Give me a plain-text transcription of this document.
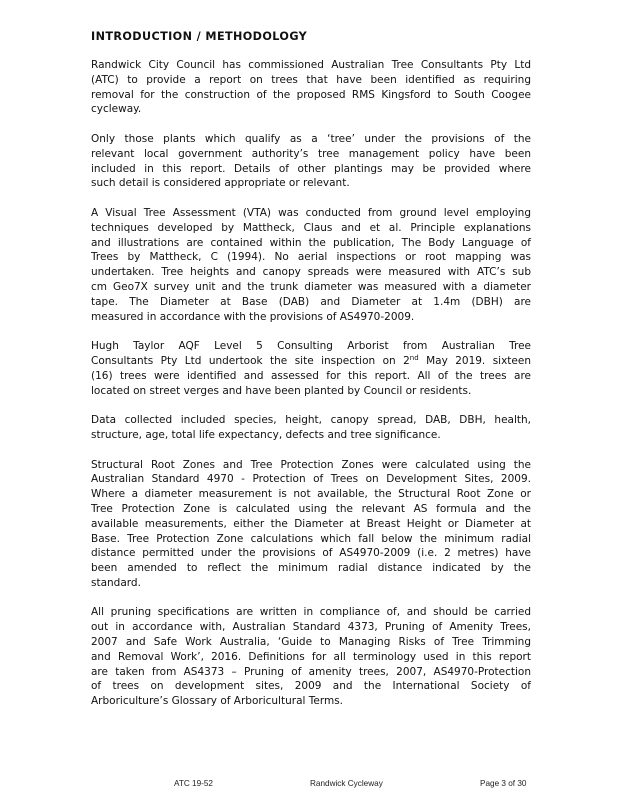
INTRODUCTION / METHODOLOGY

Randwick City Council has commissioned Australian Tree Consultants Pty Ltd
(ATC) to provide a report on trees that have been identified as requiring
removal for the construction of the proposed RMS Kingsford to South Coogee
cycleway.

Only those plants which qualify as a ‘tree’ under the provisions of the
relevant local government authority’s tree management policy have been
included in this report. Details of other plantings may be provided where
such detail is considered appropriate or relevant.

A Visual Tree Assessment (VTA) was conducted from ground level employing
techniques developed by Mattheck, Claus and et al. Principle explanations
and illustrations are contained within the publication, The Body Language of
Trees by Mattheck, C (1994). No aerial inspections or root mapping was
undertaken. Tree heights and canopy spreads were measured with ATC’s sub
cm Geo7X survey unit and the trunk diameter was measured with a diameter
tape. The Diameter at Base (DAB) and Diameter at 1.4m (DBH) are
measured in accordance with the provisions of AS4970-2009.

Hugh Taylor AQF Level 5 Consulting Arborist from Australian Tree
Consultants Pty Ltd undertook the site inspection on 2nd May 2019. sixteen
(16) trees were identified and assessed for this report. All of the trees are
located on street verges and have been planted by Council or residents.

Data collected included species, height, canopy spread, DAB, DBH, health,
structure, age, total life expectancy, defects and tree significance.

Structural Root Zones and Tree Protection Zones were calculated using the
Australian Standard 4970 - Protection of Trees on Development Sites, 2009.
Where a diameter measurement is not available, the Structural Root Zone or
Tree Protection Zone is calculated using the relevant AS formula and the
available measurements, either the Diameter at Breast Height or Diameter at
Base. Tree Protection Zone calculations which fall below the minimum radial
distance permitted under the provisions of AS4970-2009 (i.e. 2 metres) have
been amended to reflect the minimum radial distance indicated by the
standard.

All pruning specifications are written in compliance of, and should be carried
out in accordance with, Australian Standard 4373, Pruning of Amenity Trees,
2007 and Safe Work Australia, ‘Guide to Managing Risks of Tree Trimming
and Removal Work’, 2016. Definitions for all terminology used in this report
are taken from AS4373 – Pruning of amenity trees, 2007, AS4970-Protection
of trees on development sites, 2009 and the International Society of
Arboriculture’s Glossary of Arboricultural Terms.

ATC 19-52	Randwick Cycleway	Page 3 of 30
